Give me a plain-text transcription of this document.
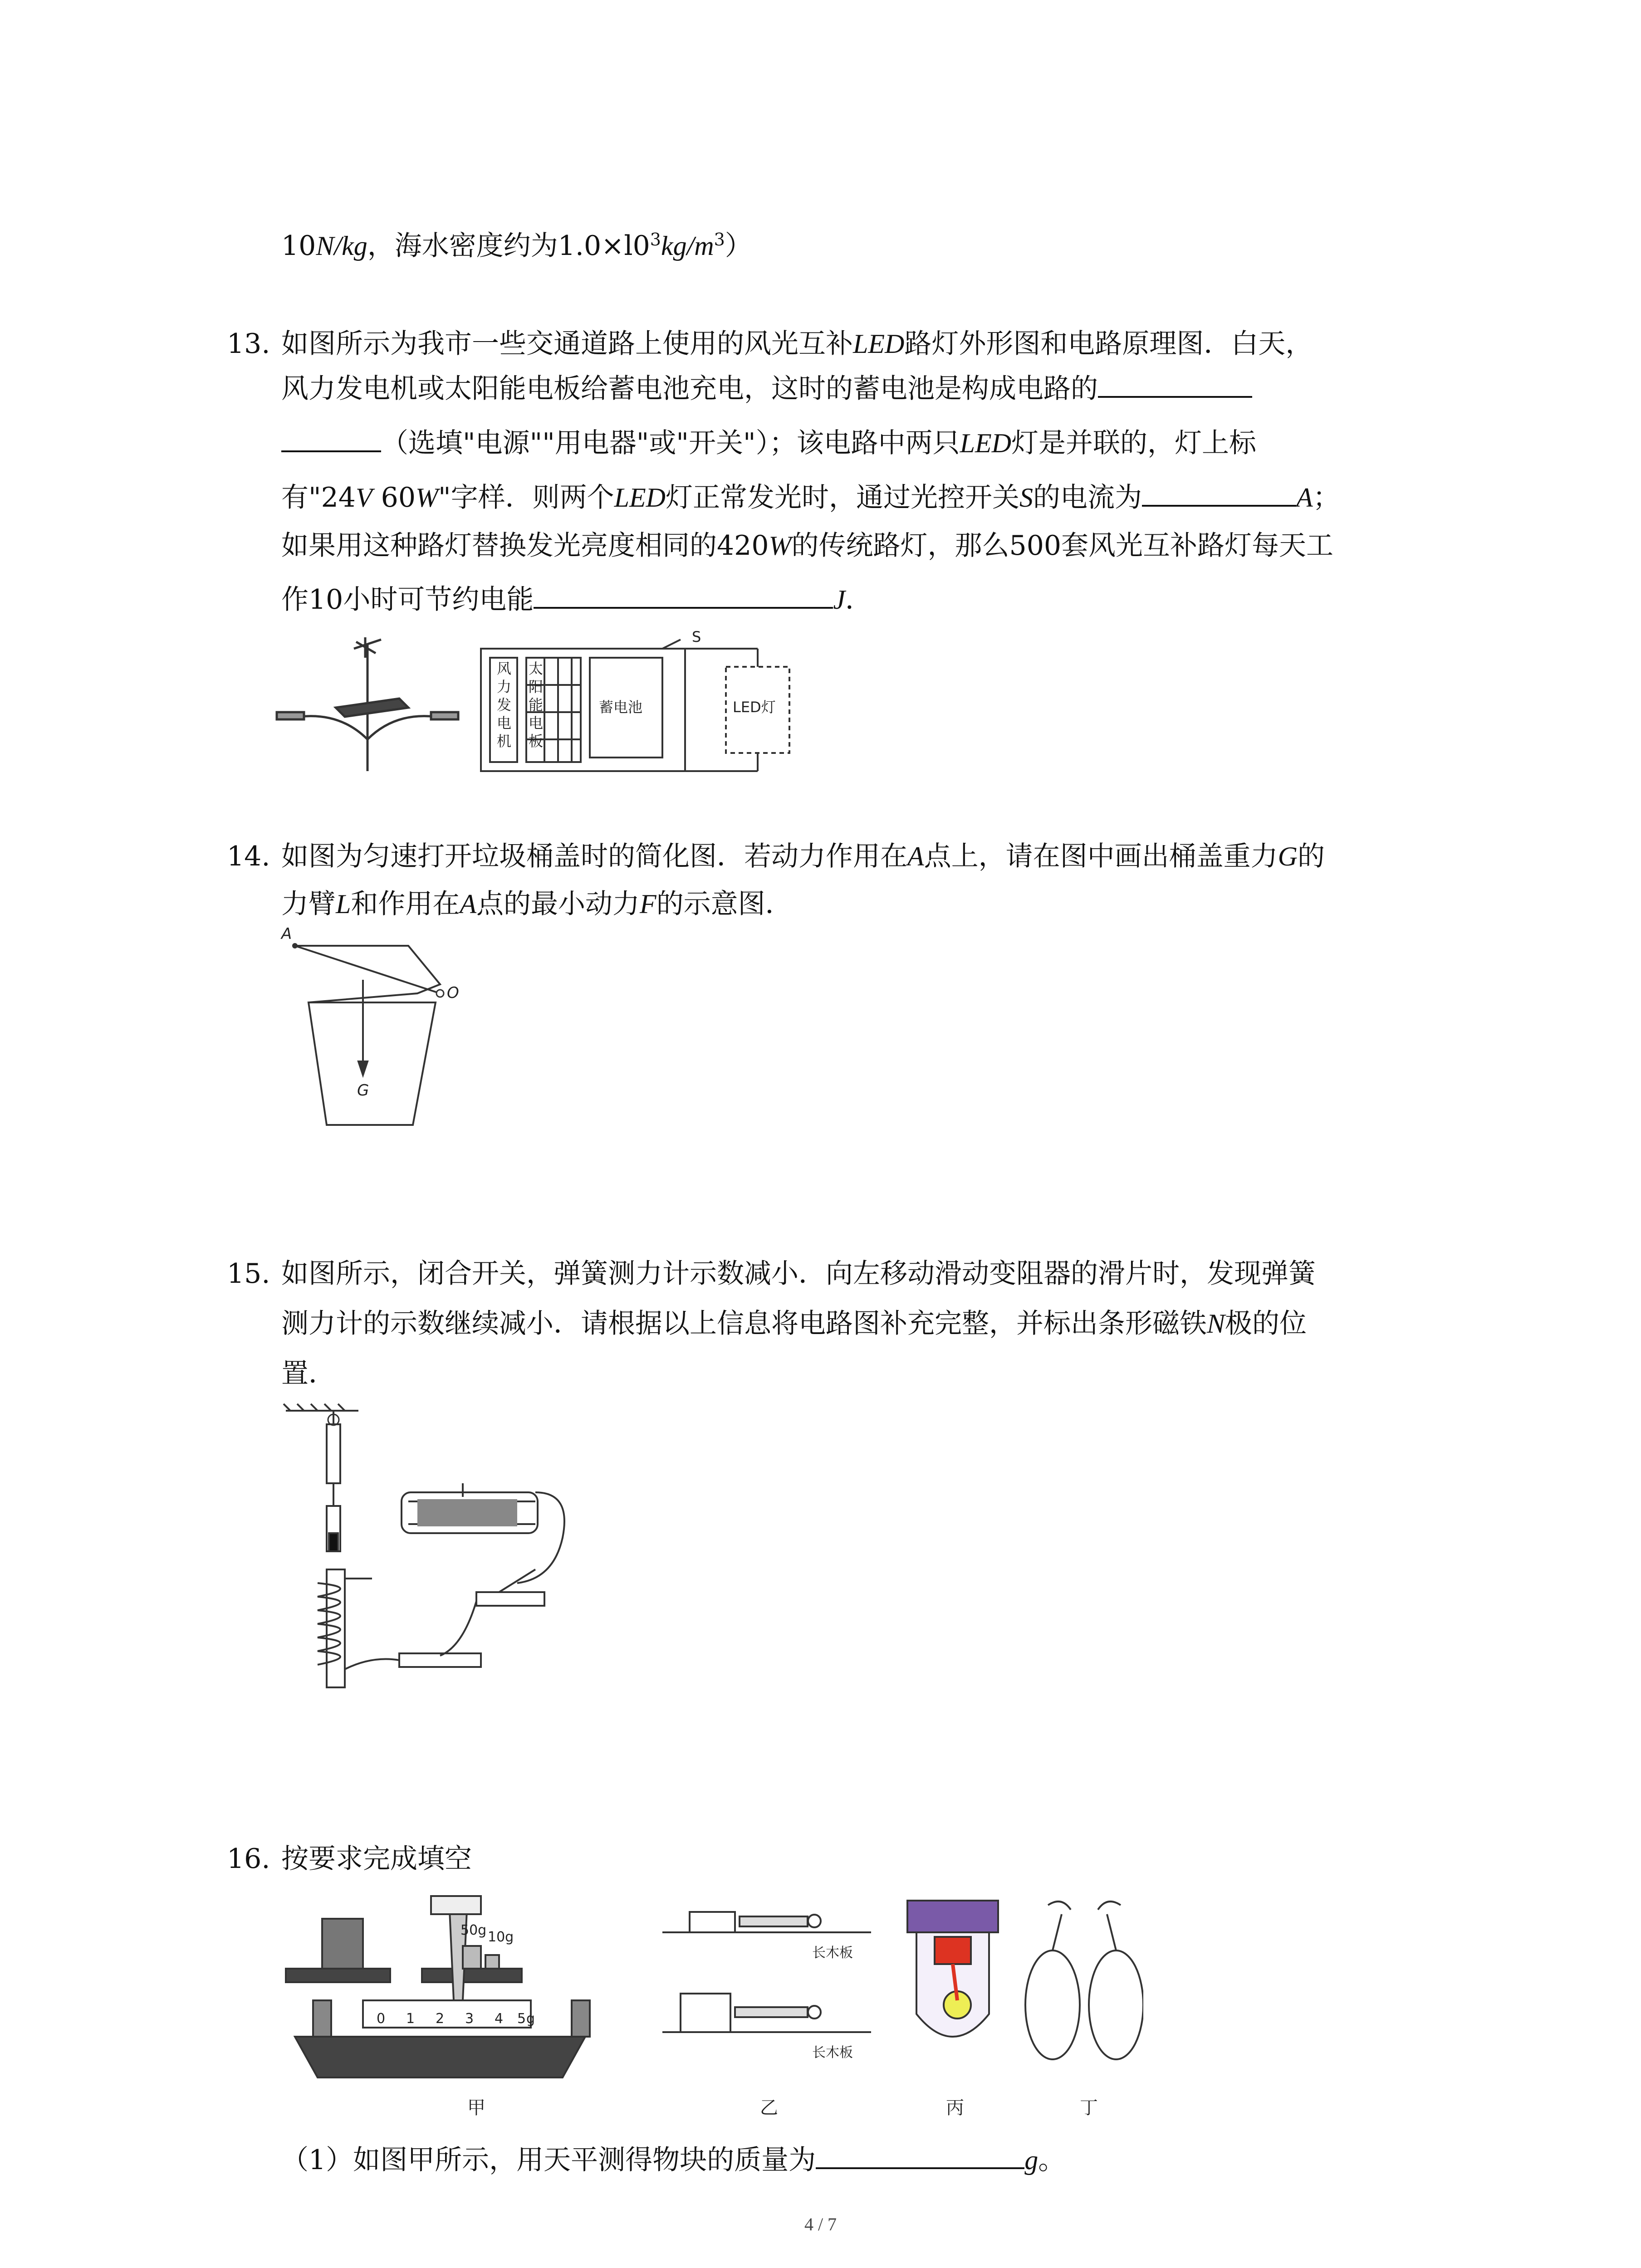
10N/kg，海水密度约为$1.0\times l0^3kg/m^3$）
13. 如图所示为我市一些交通道路上使用的风光互补LED路灯外形图和电路原理图．白天，
风力发电机或太阳能电板给蓄电池充电，这时的蓄电池是构成电路的
（选填"电源""用电器"或"开关"）；该电路中两只LED灯是并联的，灯上标
有"24V 60W"字样．则两个LED灯正常发光时，通过光控开关S的电流为	A；
如果用这种路灯替换发光亮度相同的420W的传统路灯，那么500套风光互补路灯每天工
作10小时可节约电能	J．
风
力
发
电
机
太
阳
能
电
板
蓄电池	LED灯
S
14. 如图为匀速打开垃圾桶盖时的简化图．若动力作用在A点上，请在图中画出桶盖重力G的
力臂L和作用在A点的最小动力F的示意图．
A
O
G
15. 如图所示，闭合开关，弹簧测力计示数减小．向左移动滑动变阻器的滑片时，发现弹簧
测力计的示数继续减小．请根据以上信息将电路图补充完整，并标出条形磁铁N极的位
置．
16. 按要求完成填空
50g 10g
0 1 2 3 4 5 g
甲
长木板
长木板
乙	丙	丁
（1）如图甲所示，用天平测得物块的质量为	g。
4 / 7
